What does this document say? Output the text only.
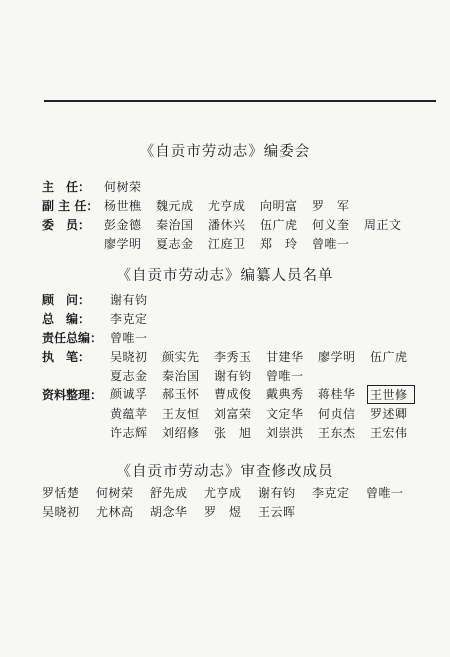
《自贡市劳动志》编委会
主　任：	何树荣
副 主 任： 杨世樵	魏元成	尤亨成	向明富	罗　军
委　员：	彭金德	秦治国	潘休兴	伍广虎	何义奎	周正文
廖学明	夏志金	江庭卫	郑　玲	曾唯一
《自贡市劳动志》编纂人员名单
顾　问：	谢有钧
总　编：	李克定
责任总编： 曾唯一
执　笔：	吴晓初	颜实先	李秀玉	甘建华	廖学明	伍广虎
夏志金	秦治国	谢有钧	曾唯一
资料整理： 颜诚孚	郝玉怀	曹成俊	戴典秀	蒋桂华	王世修
黄蕴苹	王友恒	刘富荣	文定华	何贞信	罗述卿
许志辉	刘绍修	张　旭	刘崇洪	王东杰	王宏伟
《自贡市劳动志》审查修改成员
罗恬楚	何树荣	舒先成	尤亨成	谢有钧	李克定	曾唯一
吴晓初	尤林高	胡念华	罗　煜	王云晖
